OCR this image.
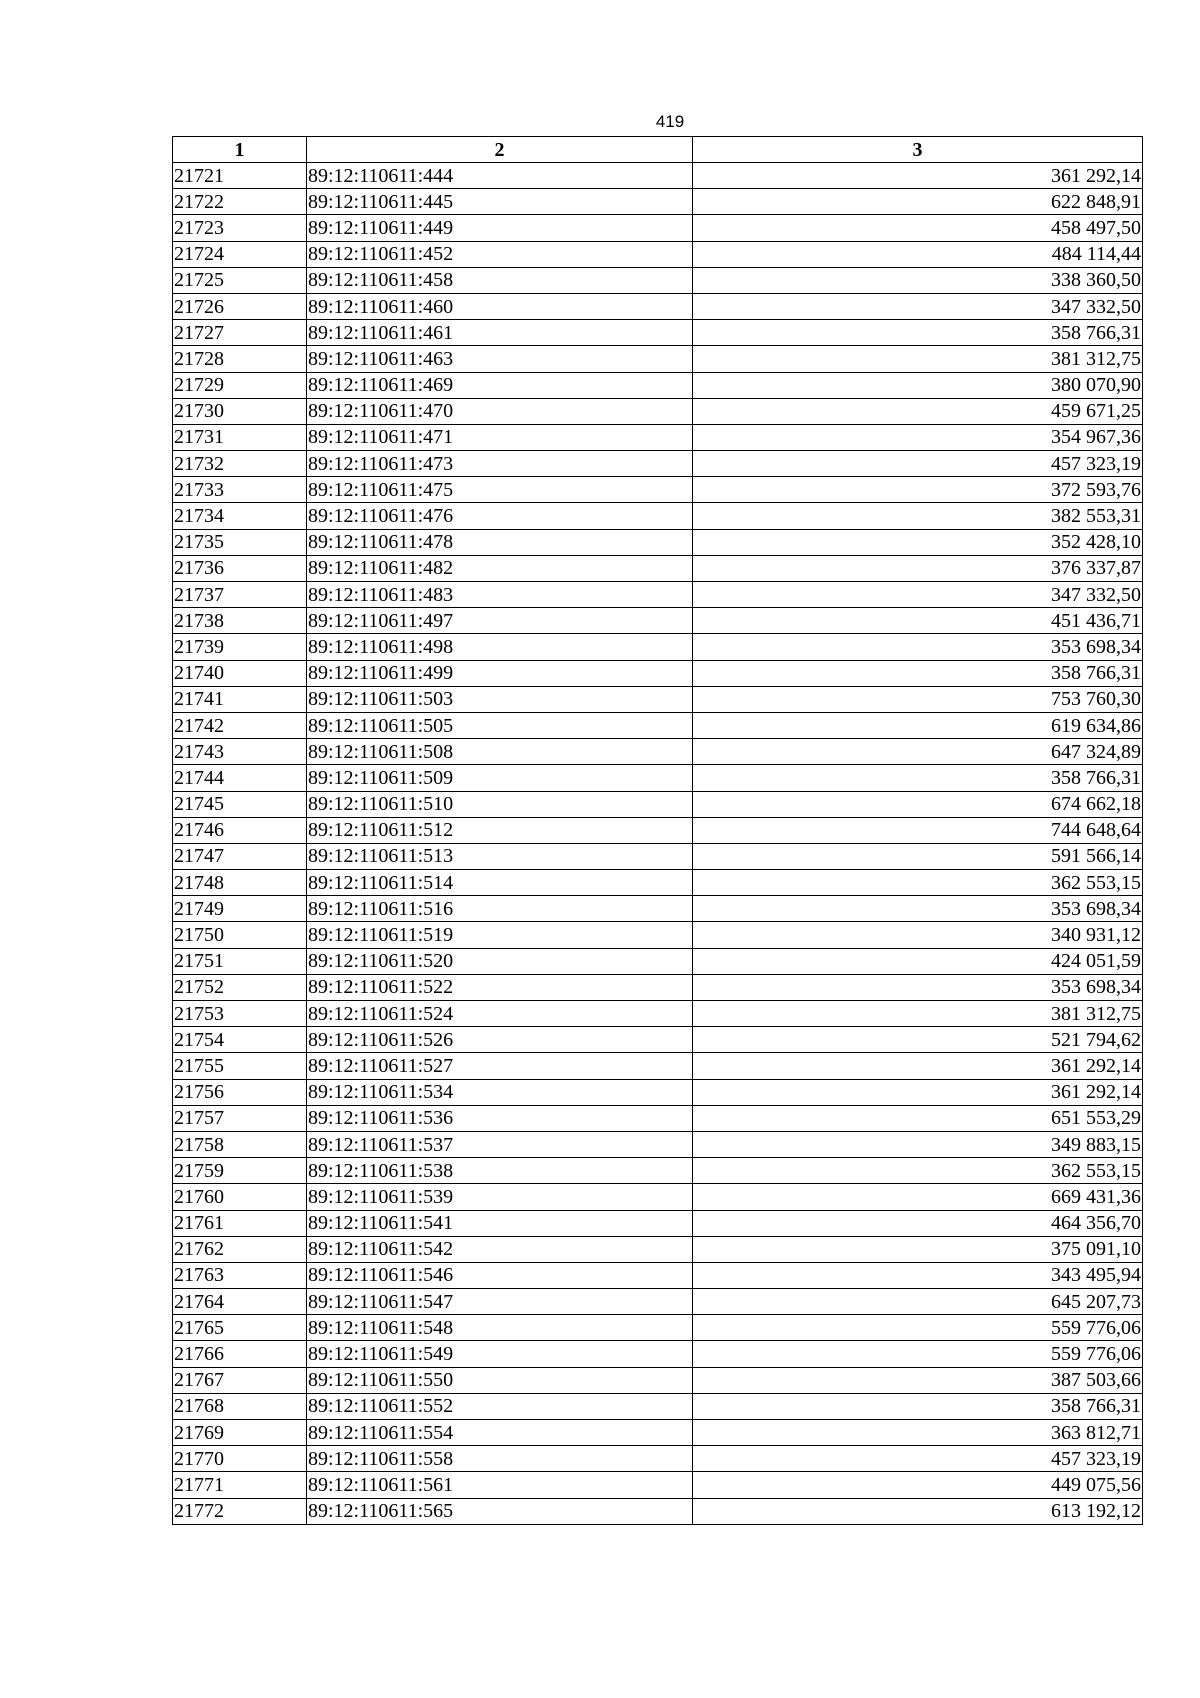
419
1	2	3
21721	89:12:110611:444	361 292,14
21722	89:12:110611:445	622 848,91
21723	89:12:110611:449	458 497,50
21724	89:12:110611:452	484 114,44
21725	89:12:110611:458	338 360,50
21726	89:12:110611:460	347 332,50
21727	89:12:110611:461	358 766,31
21728	89:12:110611:463	381 312,75
21729	89:12:110611:469	380 070,90
21730	89:12:110611:470	459 671,25
21731	89:12:110611:471	354 967,36
21732	89:12:110611:473	457 323,19
21733	89:12:110611:475	372 593,76
21734	89:12:110611:476	382 553,31
21735	89:12:110611:478	352 428,10
21736	89:12:110611:482	376 337,87
21737	89:12:110611:483	347 332,50
21738	89:12:110611:497	451 436,71
21739	89:12:110611:498	353 698,34
21740	89:12:110611:499	358 766,31
21741	89:12:110611:503	753 760,30
21742	89:12:110611:505	619 634,86
21743	89:12:110611:508	647 324,89
21744	89:12:110611:509	358 766,31
21745	89:12:110611:510	674 662,18
21746	89:12:110611:512	744 648,64
21747	89:12:110611:513	591 566,14
21748	89:12:110611:514	362 553,15
21749	89:12:110611:516	353 698,34
21750	89:12:110611:519	340 931,12
21751	89:12:110611:520	424 051,59
21752	89:12:110611:522	353 698,34
21753	89:12:110611:524	381 312,75
21754	89:12:110611:526	521 794,62
21755	89:12:110611:527	361 292,14
21756	89:12:110611:534	361 292,14
21757	89:12:110611:536	651 553,29
21758	89:12:110611:537	349 883,15
21759	89:12:110611:538	362 553,15
21760	89:12:110611:539	669 431,36
21761	89:12:110611:541	464 356,70
21762	89:12:110611:542	375 091,10
21763	89:12:110611:546	343 495,94
21764	89:12:110611:547	645 207,73
21765	89:12:110611:548	559 776,06
21766	89:12:110611:549	559 776,06
21767	89:12:110611:550	387 503,66
21768	89:12:110611:552	358 766,31
21769	89:12:110611:554	363 812,71
21770	89:12:110611:558	457 323,19
21771	89:12:110611:561	449 075,56
21772	89:12:110611:565	613 192,12
